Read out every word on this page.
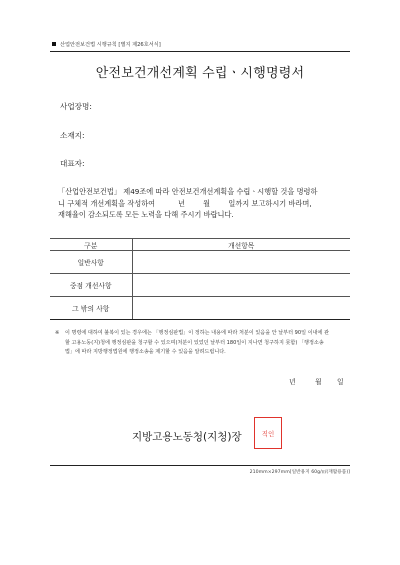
산업안전보건법 시행규칙 [별지 제26호서식]
안전보건개선계획 수립ㆍ시행명령서
사업장명:
소재지:
대표자:
「산업안전보건법」 제49조에 따라 안전보건개선계획을 수립ㆍ시행할 것을 명령하
니 구체적 개선계획을 작성하여          년        월        일까지 보고하시기 바라며,
재해율이 감소되도록 모든 노력을 다해 주시기 바랍니다.
구분	개선항목
일반사항	
중점 개선사항	
그 밖의 사항	
※ 이 명령에 대하여 불복이 있는 경우에는 「행정심판법」이 정하는 내용에 따라 처분이 있음을 안 날부터 90일 이내에 관
할 고용노동(지)청에 행정심판을 청구할 수 있으며(처분이 있었던 날부터 180일이 지나면 청구하지 못함) 「행정소송
법」에 따라 지방행정법원에 행정소송을 제기할 수 있음을 알려드립니다.
년	월 일
지방고용노동청(지청)장	직인
210mm×297mm[일반용지 60g/㎡(재활용품)]
